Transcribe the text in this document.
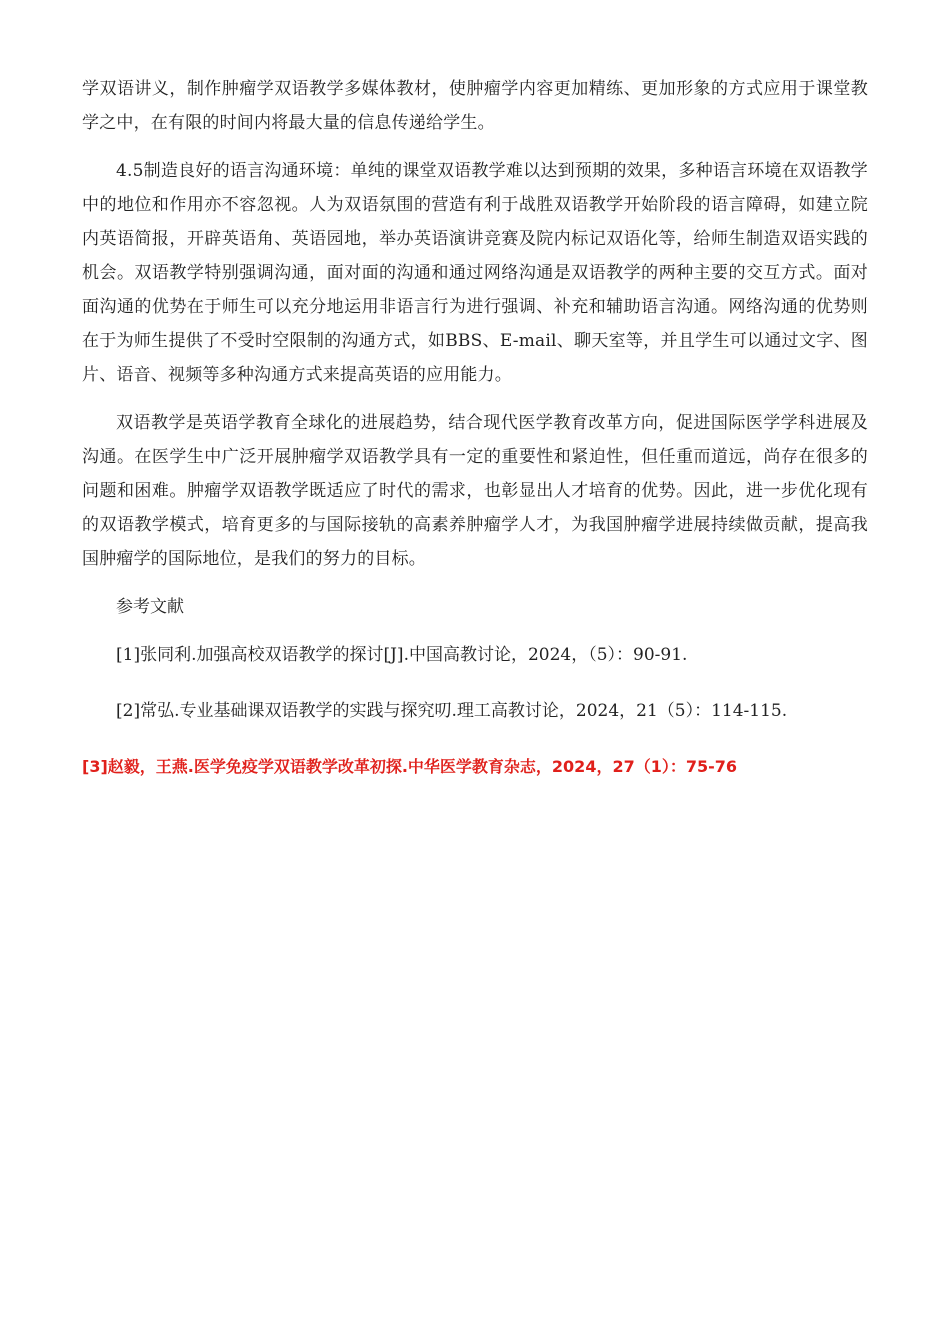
学双语讲义，制作肿瘤学双语教学多媒体教材，使肿瘤学内容更加精练、更加形象的方式应用于课堂教学之中，在有限的时间内将最大量的信息传递给学生。

4.5制造良好的语言沟通环境：单纯的课堂双语教学难以达到预期的效果，多种语言环境在双语教学中的地位和作用亦不容忽视。人为双语氛围的营造有利于战胜双语教学开始阶段的语言障碍，如建立院内英语简报，开辟英语角、英语园地，举办英语演讲竞赛及院内标记双语化等，给师生制造双语实践的机会。双语教学特别强调沟通，面对面的沟通和通过网络沟通是双语教学的两种主要的交互方式。面对面沟通的优势在于师生可以充分地运用非语言行为进行强调、补充和辅助语言沟通。网络沟通的优势则在于为师生提供了不受时空限制的沟通方式，如BBS、E-mail、聊天室等，并且学生可以通过文字、图片、语音、视频等多种沟通方式来提高英语的应用能力。

双语教学是英语学教育全球化的进展趋势，结合现代医学教育改革方向，促进国际医学学科进展及沟通。在医学生中广泛开展肿瘤学双语教学具有一定的重要性和紧迫性，但任重而道远，尚存在很多的问题和困难。肿瘤学双语教学既适应了时代的需求，也彰显出人才培育的优势。因此，进一步优化现有的双语教学模式，培育更多的与国际接轨的高素养肿瘤学人才，为我国肿瘤学进展持续做贡献，提高我国肿瘤学的国际地位，是我们的努力的目标。

参考文献

[1]张同利.加强高校双语教学的探讨[J].中国高教讨论，2024，（5）：90-91.

[2]常弘.专业基础课双语教学的实践与探究叨.理工高教讨论，2024，21（5）：114-115.

[3]赵毅，王燕.医学免疫学双语教学改革初探.中华医学教育杂志，2024，27（1）：75-76
